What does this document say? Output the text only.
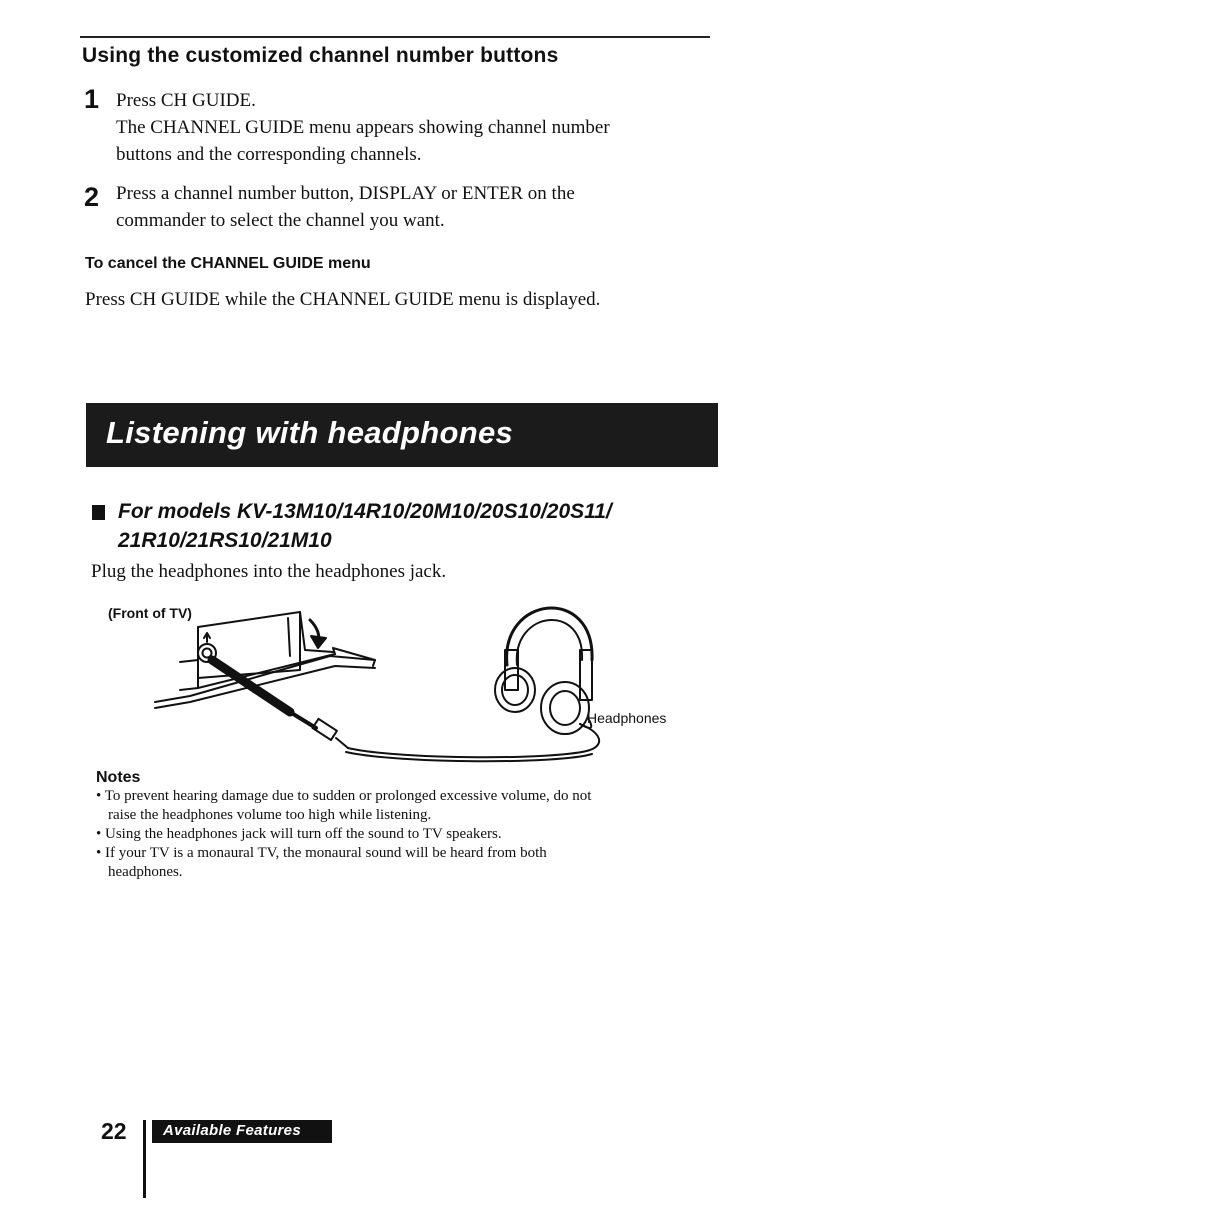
Using the customized channel number buttons
1 Press CH GUIDE.
The CHANNEL GUIDE menu appears showing channel number
buttons and the corresponding channels.
2 Press a channel number button, DISPLAY or ENTER on the
commander to select the channel you want.
To cancel the CHANNEL GUIDE menu
Press CH GUIDE while the CHANNEL GUIDE menu is displayed.
Listening with headphones
For models KV-13M10/14R10/20M10/20S10/20S11/
21R10/21RS10/21M10
Plug the headphones into the headphones jack.
(Front of TV)
Headphones
Notes
• To prevent hearing damage due to sudden or prolonged excessive volume, do not
raise the headphones volume too high while listening.
• Using the headphones jack will turn off the sound to TV speakers.
• If your TV is a monaural TV, the monaural sound will be heard from both
headphones.
22 Available Features
